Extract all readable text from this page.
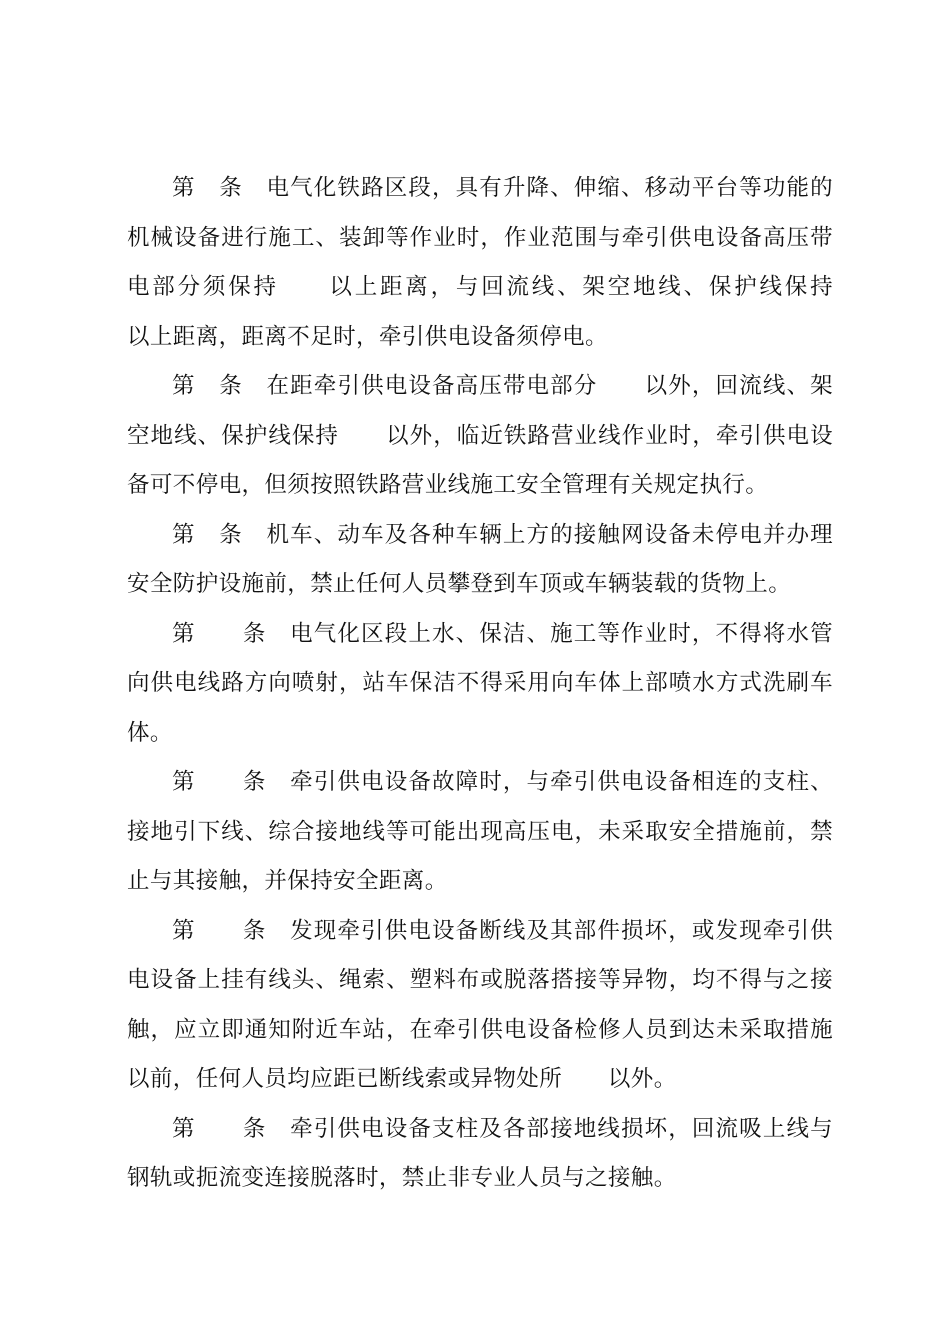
第　条　电气化铁路区段，具有升降、伸缩、移动平台等功能的机械设备进行施工、装卸等作业时，作业范围与牵引供电设备高压带电部分须保持　　以上距离，与回流线、架空地线、保护线保持　　以上距离，距离不足时，牵引供电设备须停电。

第　条　在距牵引供电设备高压带电部分　　以外，回流线、架空地线、保护线保持　　以外，临近铁路营业线作业时，牵引供电设备可不停电，但须按照铁路营业线施工安全管理有关规定执行。

第　条　机车、动车及各种车辆上方的接触网设备未停电并办理安全防护设施前，禁止任何人员攀登到车顶或车辆装载的货物上。

第　　条　电气化区段上水、保洁、施工等作业时，不得将水管向供电线路方向喷射，站车保洁不得采用向车体上部喷水方式洗刷车体。

第　　条　牵引供电设备故障时，与牵引供电设备相连的支柱、接地引下线、综合接地线等可能出现高压电，未采取安全措施前，禁止与其接触，并保持安全距离。

第　　条　发现牵引供电设备断线及其部件损坏，或发现牵引供电设备上挂有线头、绳索、塑料布或脱落搭接等异物，均不得与之接触，应立即通知附近车站，在牵引供电设备检修人员到达未采取措施以前，任何人员均应距已断线索或异物处所　　以外。

第　　条　牵引供电设备支柱及各部接地线损坏，回流吸上线与钢轨或扼流变连接脱落时，禁止非专业人员与之接触。
